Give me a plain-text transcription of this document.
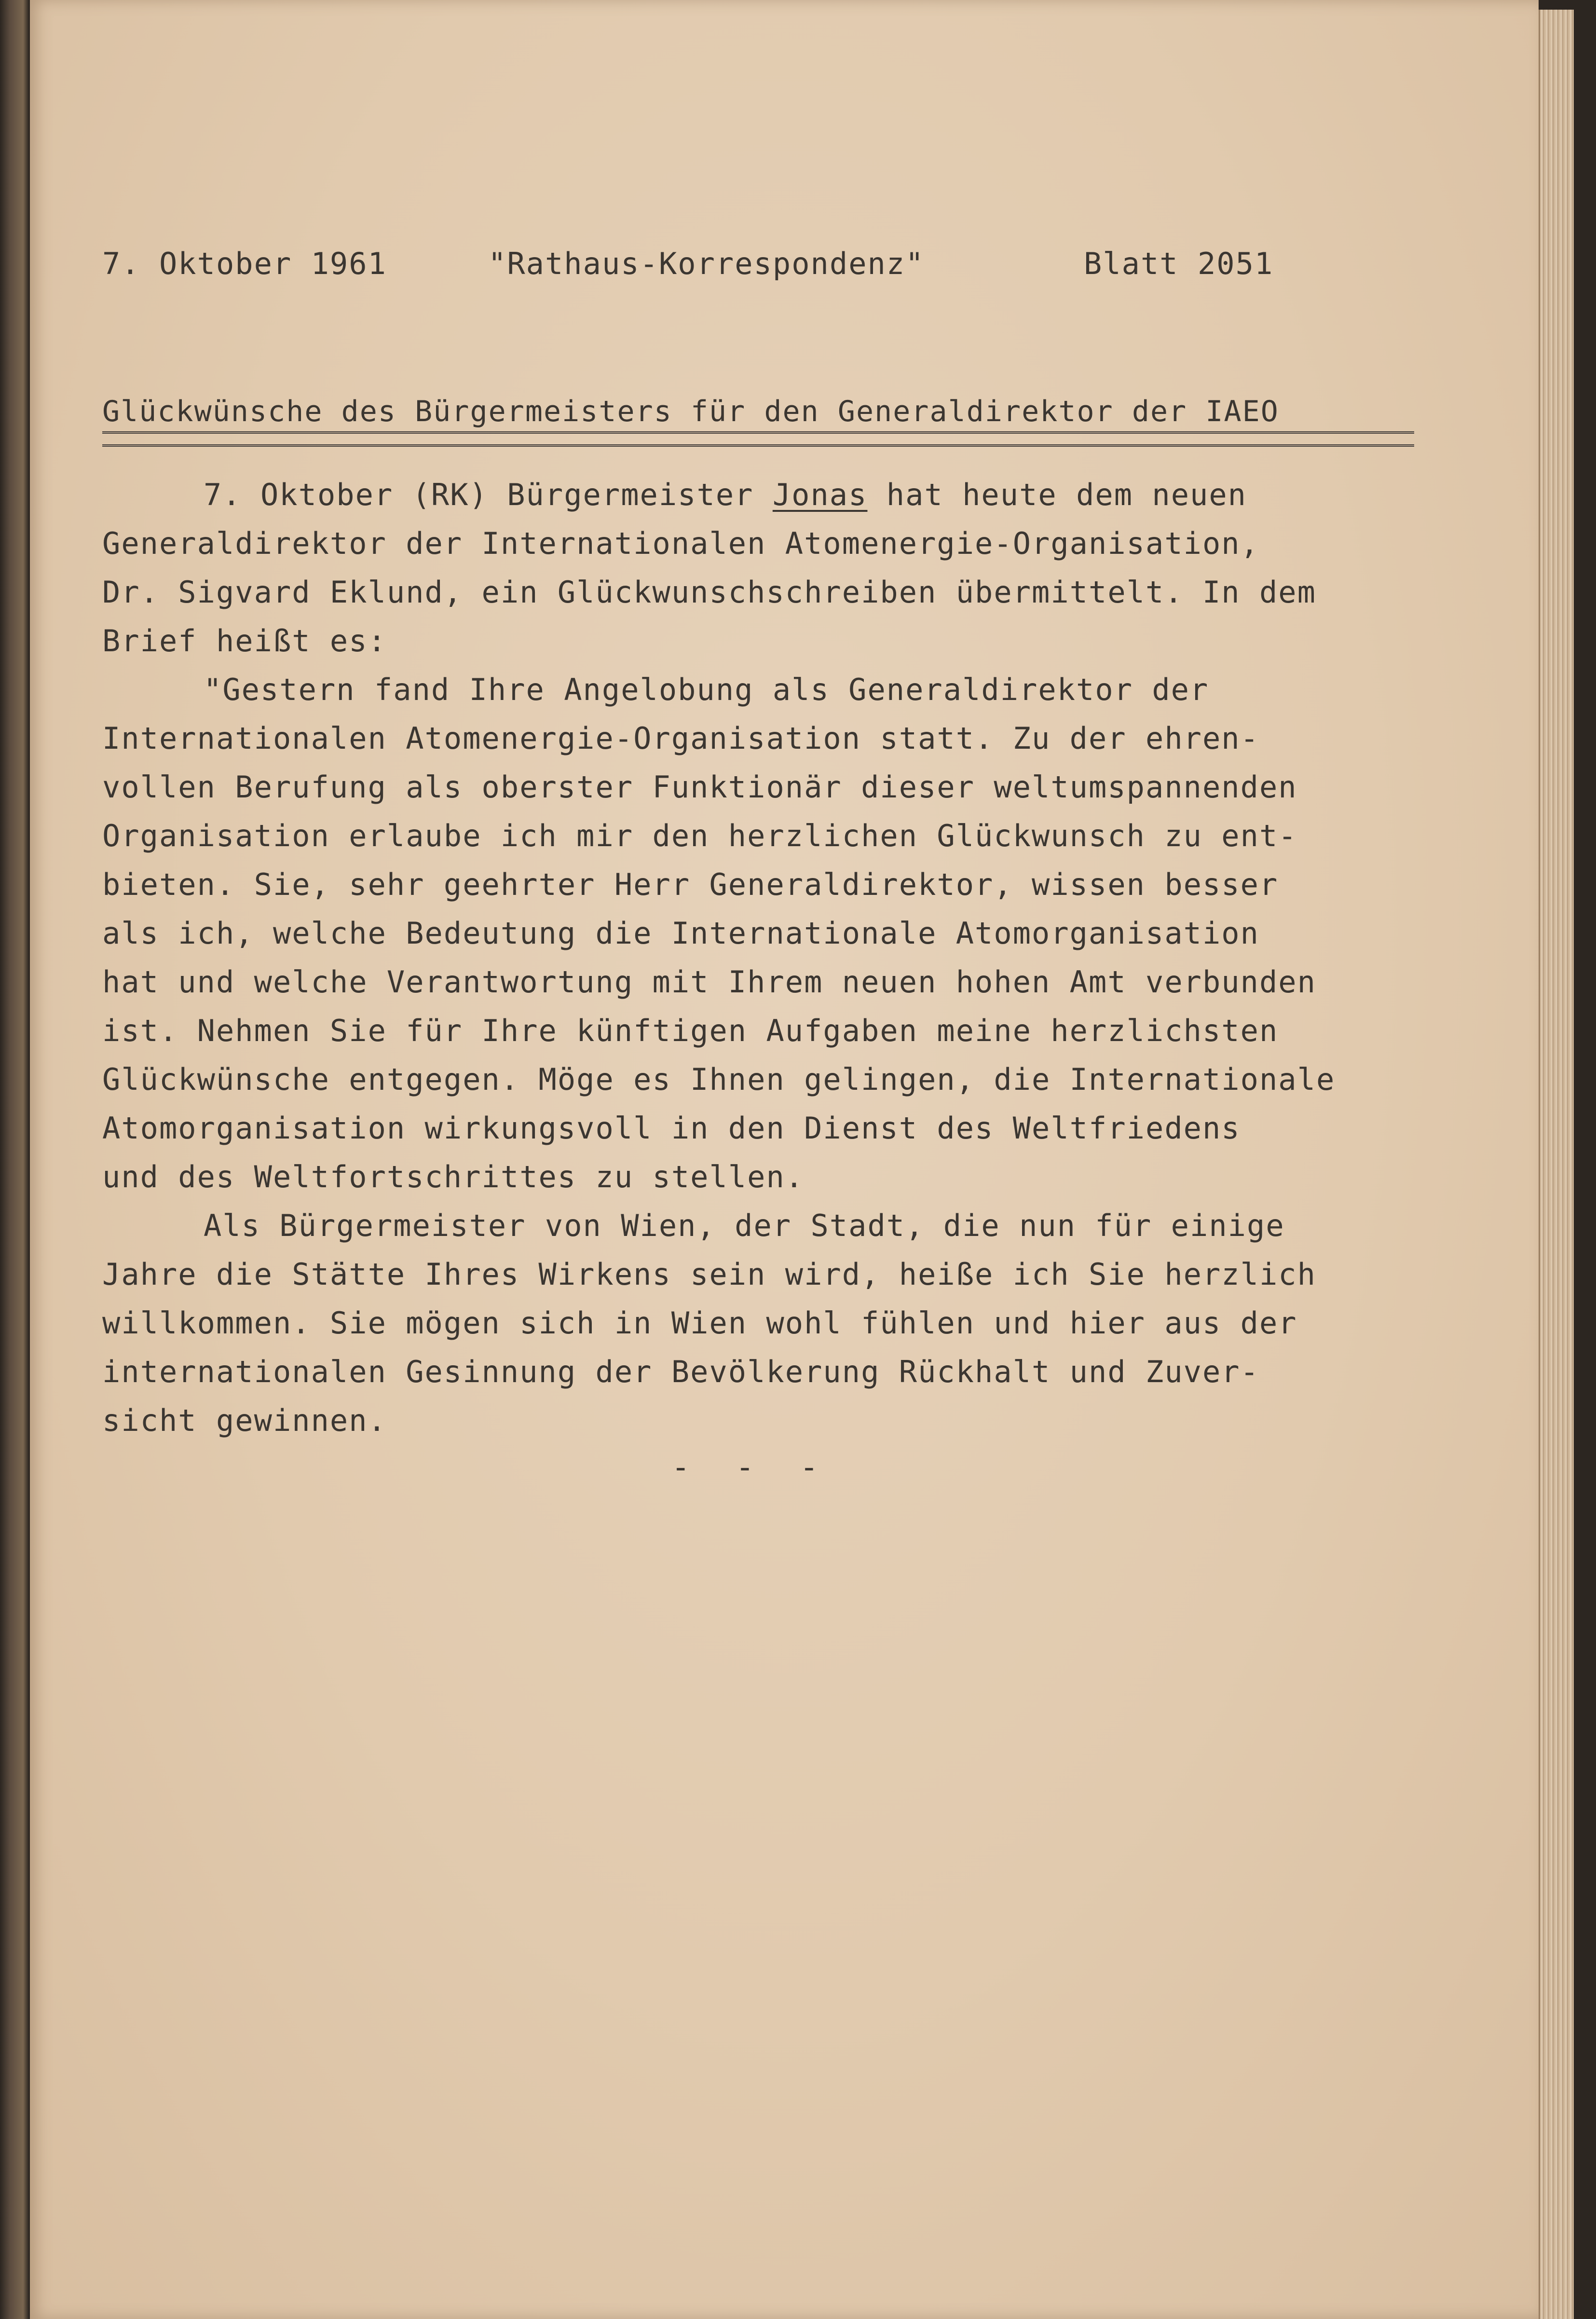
7. Oktober 1961	"Rathaus-Korrespondenz"	Blatt 2051
Glückwünsche des Bürgermeisters für den Generaldirektor der IAEO
7. Oktober (RK) Bürgermeister Jonas hat heute dem neuen
Generaldirektor der Internationalen Atomenergie-Organisation,
Dr. Sigvard Eklund, ein Glückwunschschreiben übermittelt. In dem
Brief heißt es:
"Gestern fand Ihre Angelobung als Generaldirektor der
Internationalen Atomenergie-Organisation statt. Zu der ehren-
vollen Berufung als oberster Funktionär dieser weltumspannenden
Organisation erlaube ich mir den herzlichen Glückwunsch zu ent-
bieten. Sie, sehr geehrter Herr Generaldirektor, wissen besser
als ich, welche Bedeutung die Internationale Atomorganisation
hat und welche Verantwortung mit Ihrem neuen hohen Amt verbunden
ist. Nehmen Sie für Ihre künftigen Aufgaben meine herzlichsten
Glückwünsche entgegen. Möge es Ihnen gelingen, die Internationale
Atomorganisation wirkungsvoll in den Dienst des Weltfriedens
und des Weltfortschrittes zu stellen.
Als Bürgermeister von Wien, der Stadt, die nun für einige
Jahre die Stätte Ihres Wirkens sein wird, heiße ich Sie herzlich
willkommen. Sie mögen sich in Wien wohl fühlen und hier aus der
internationalen Gesinnung der Bevölkerung Rückhalt und Zuver-
sicht gewinnen.
- - -
